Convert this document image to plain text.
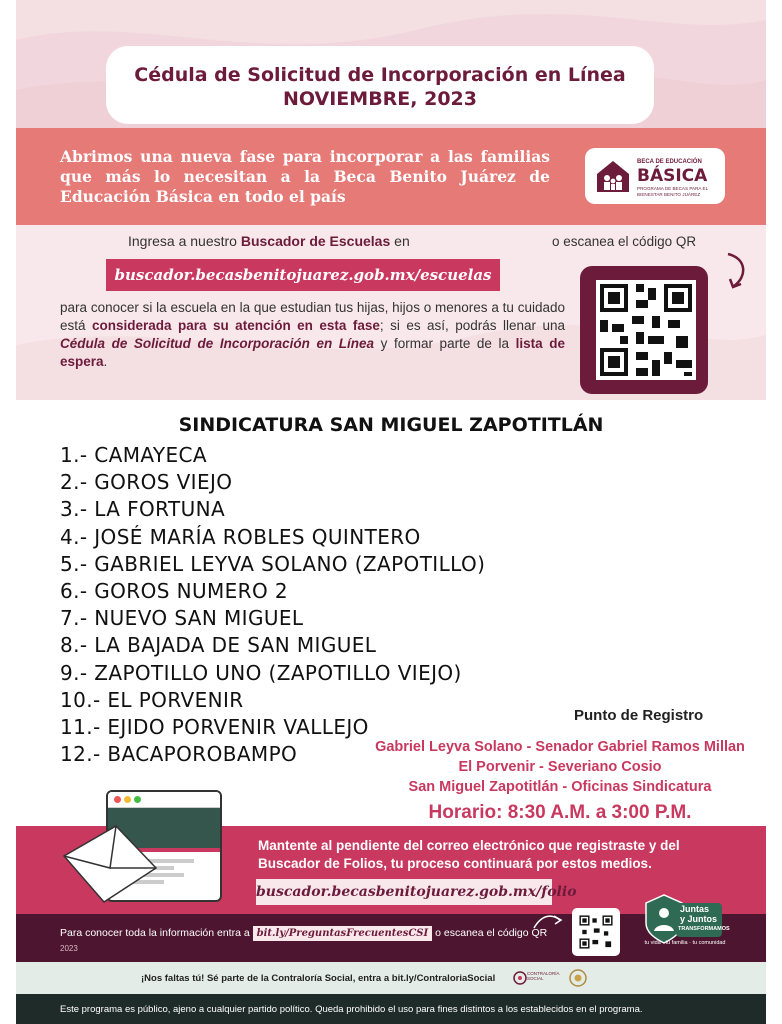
Cédula de Solicitud de Incorporación en Línea
NOVIEMBRE, 2023
Abrimos una nueva fase para incorporar a las familias que más lo necesitan a la Beca Benito Juárez de Educación Básica en todo el país
BECA DE EDUCACIÓN
BÁSICA
PROGRAMA DE BECAS PARA EL BIENESTAR BENITO JUÁREZ
Ingresa a nuestro Buscador de Escuelas en
buscador.becasbenitojuarez.gob.mx/escuelas
para conocer si la escuela en la que estudian tus hijas, hijos o menores a tu cuidado está considerada para su atención en esta fase; si es así, podrás llenar una Cédula de Solicitud de Incorporación en Línea y formar parte de la lista de espera.
o escanea el código QR
SINDICATURA SAN MIGUEL ZAPOTITLÁN
1.- CAMAYECA
2.- GOROS VIEJO
3.- LA FORTUNA
4.- JOSÉ MARÍA ROBLES QUINTERO
5.- GABRIEL LEYVA SOLANO (ZAPOTILLO)
6.- GOROS NUMERO 2
7.- NUEVO SAN MIGUEL
8.- LA BAJADA DE SAN MIGUEL
9.- ZAPOTILLO UNO (ZAPOTILLO VIEJO)
10.- EL PORVENIR
11.- EJIDO PORVENIR VALLEJO
12.- BACAPOROBAMPO
Punto de Registro
Gabriel Leyva Solano - Senador Gabriel Ramos Millan
El Porvenir - Severiano Cosio
San Miguel Zapotitlán - Oficinas Sindicatura
Horario: 8:30 A.M. a 3:00 P.M.
Mantente al pendiente del correo electrónico que registraste y del Buscador de Folios, tu proceso continuará por estos medios.
buscador.becasbenitojuarez.gob.mx/folio
Para conocer toda la información entra a bit.ly/PreguntasFrecuentesCSI o escanea el código QR
2023
Juntas
y Juntos
TRANSFORMAMOS
tu vida · tu familia · tu comunidad
¡Nos faltas tú! Sé parte de la Contraloría Social, entra a bit.ly/ContraloriaSocial	CONTRALORÍA SOCIAL
Este programa es público, ajeno a cualquier partido político. Queda prohibido el uso para fines distintos a los establecidos en el programa.
